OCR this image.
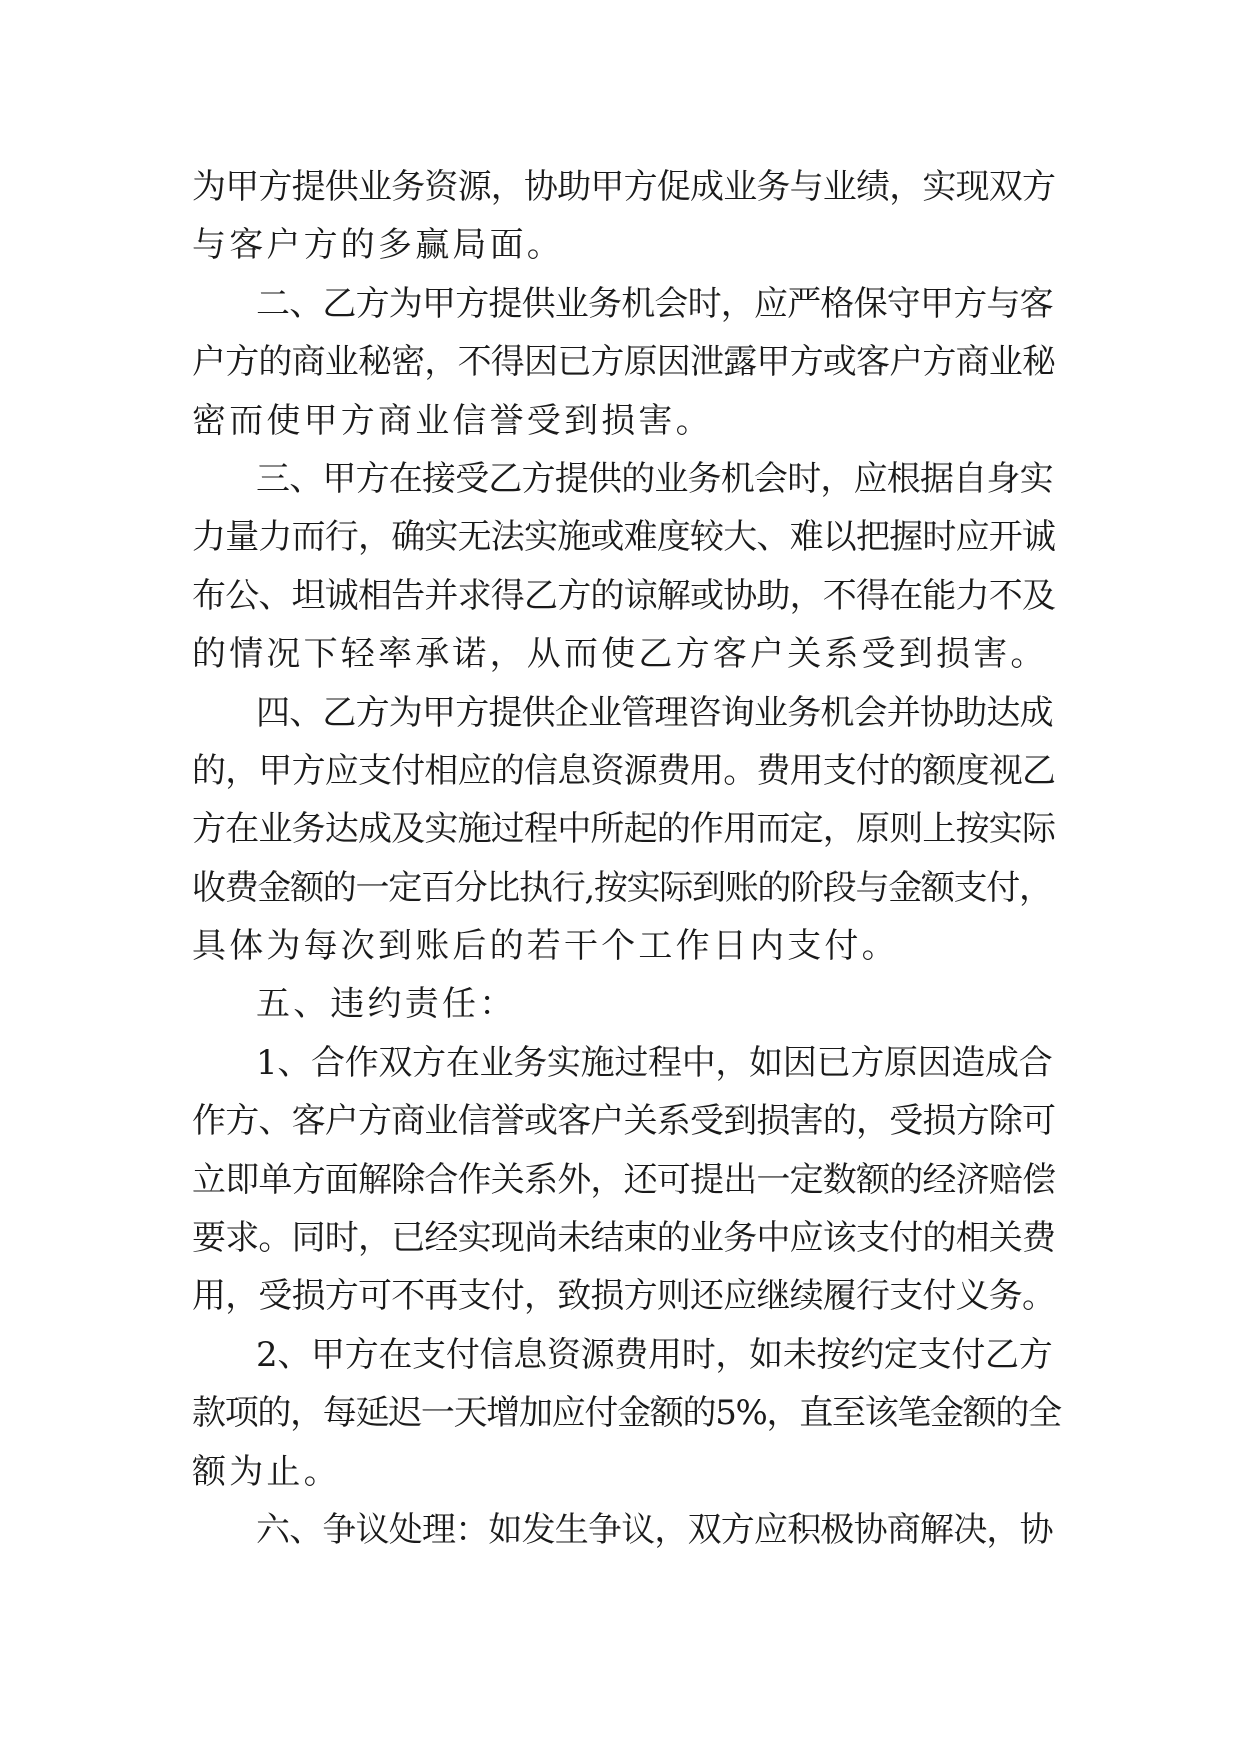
为甲方提供业务资源，协助甲方促成业务与业绩，实现双方
与客户方的多赢局面。
二、乙方为甲方提供业务机会时，应严格保守甲方与客
户方的商业秘密，不得因已方原因泄露甲方或客户方商业秘
密而使甲方商业信誉受到损害。
三、甲方在接受乙方提供的业务机会时，应根据自身实
力量力而行，确实无法实施或难度较大、难以把握时应开诚
布公、坦诚相告并求得乙方的谅解或协助，不得在能力不及
的情况下轻率承诺，从而使乙方客户关系受到损害。
四、乙方为甲方提供企业管理咨询业务机会并协助达成
的，甲方应支付相应的信息资源费用。费用支付的额度视乙
方在业务达成及实施过程中所起的作用而定，原则上按实际
收费金额的一定百分比执行,按实际到账的阶段与金额支付，
具体为每次到账后的若干个工作日内支付。
五、违约责任：
1、合作双方在业务实施过程中，如因已方原因造成合
作方、客户方商业信誉或客户关系受到损害的，受损方除可
立即单方面解除合作关系外，还可提出一定数额的经济赔偿
要求。同时，已经实现尚未结束的业务中应该支付的相关费
用，受损方可不再支付，致损方则还应继续履行支付义务。
2、甲方在支付信息资源费用时，如未按约定支付乙方
款项的，每延迟一天增加应付金额的5%，直至该笔金额的全
额为止。
六、争议处理：如发生争议，双方应积极协商解决，协
